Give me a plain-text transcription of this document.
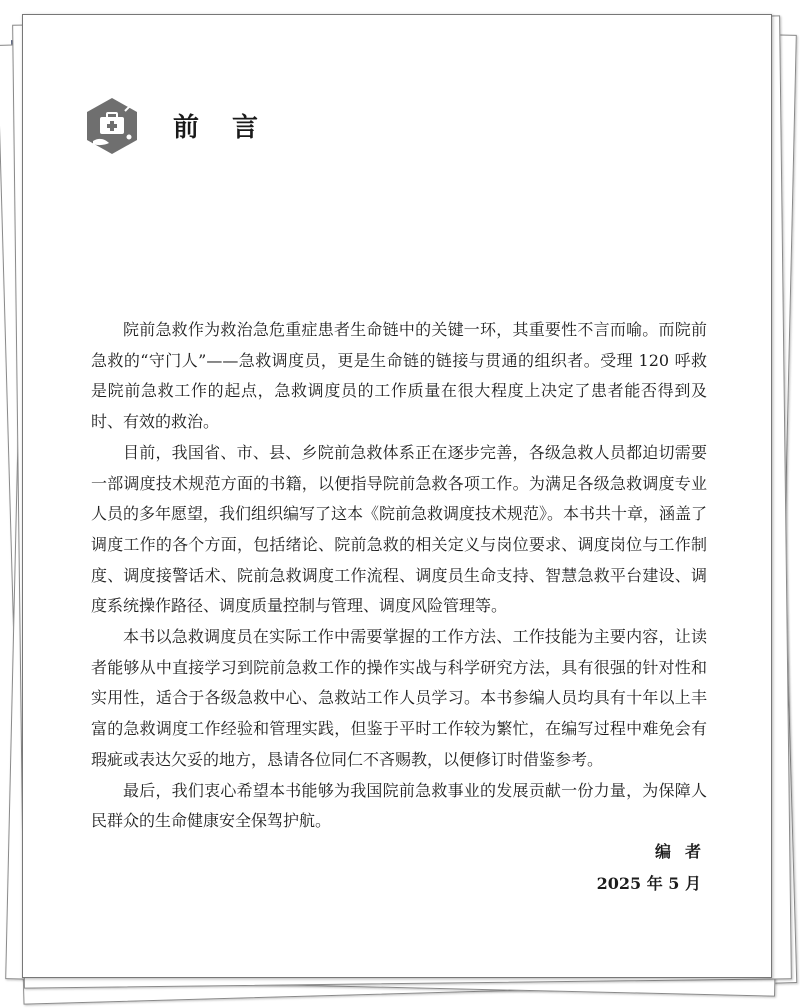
前 言

院前急救作为救治急危重症患者生命链中的关键一环，其重要性不言而喻。而院前急救的“守门人”——急救调度员，更是生命链的链接与贯通的组织者。受理 120 呼救是院前急救工作的起点，急救调度员的工作质量在很大程度上决定了患者能否得到及时、有效的救治。

目前，我国省、市、县、乡院前急救体系正在逐步完善，各级急救人员都迫切需要一部调度技术规范方面的书籍，以便指导院前急救各项工作。为满足各级急救调度专业人员的多年愿望，我们组织编写了这本《院前急救调度技术规范》。本书共十章，涵盖了调度工作的各个方面，包括绪论、院前急救的相关定义与岗位要求、调度岗位与工作制度、调度接警话术、院前急救调度工作流程、调度员生命支持、智慧急救平台建设、调度系统操作路径、调度质量控制与管理、调度风险管理等。

本书以急救调度员在实际工作中需要掌握的工作方法、工作技能为主要内容，让读者能够从中直接学习到院前急救工作的操作实战与科学研究方法，具有很强的针对性和实用性，适合于各级急救中心、急救站工作人员学习。本书参编人员均具有十年以上丰富的急救调度工作经验和管理实践，但鉴于平时工作较为繁忙，在编写过程中难免会有瑕疵或表达欠妥的地方，恳请各位同仁不吝赐教，以便修订时借鉴参考。

最后，我们衷心希望本书能够为我国院前急救事业的发展贡献一份力量，为保障人民群众的生命健康安全保驾护航。

编者

2025 年 5 月
